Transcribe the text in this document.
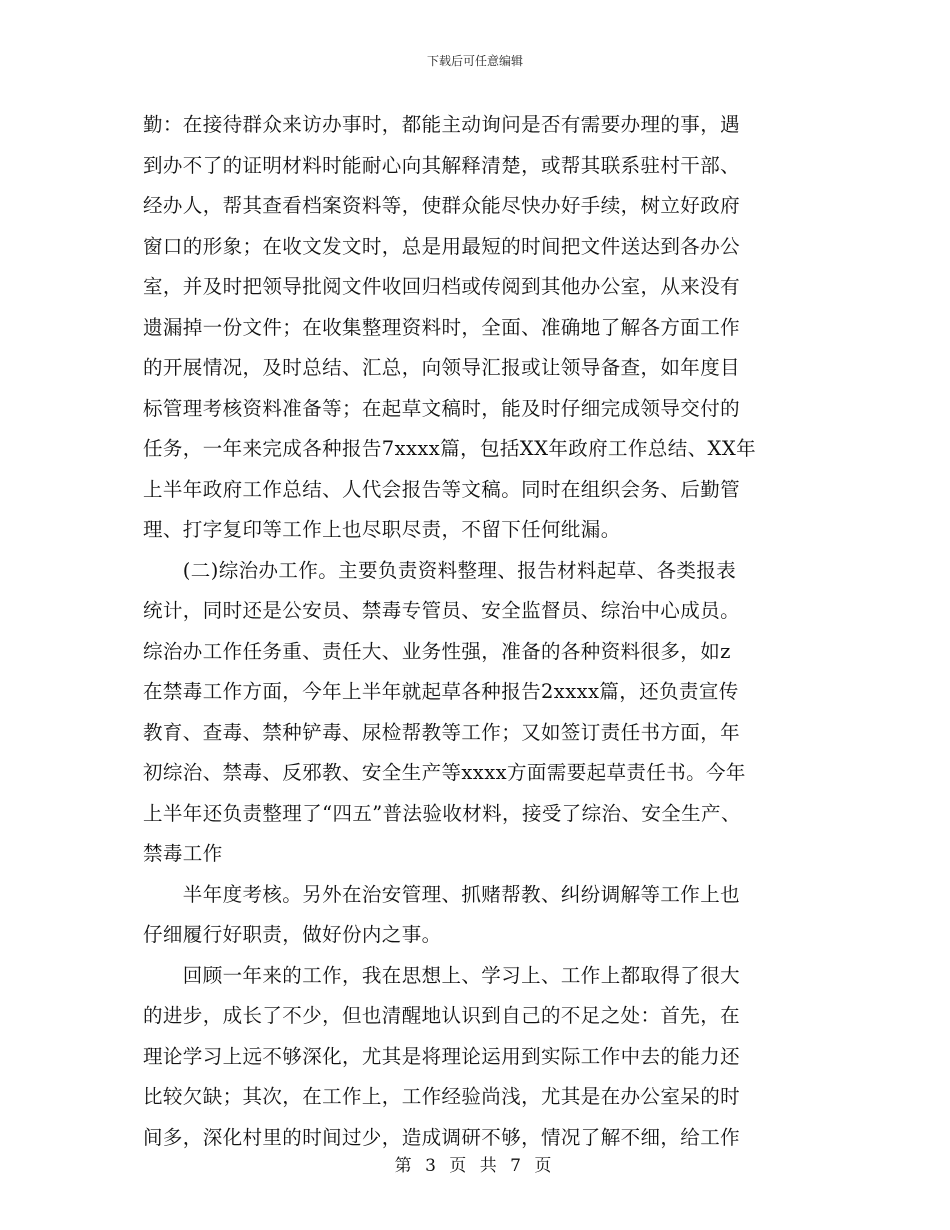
下载后可任意编辑
勤：在接待群众来访办事时，都能主动询问是否有需要办理的事，遇
到办不了的证明材料时能耐心向其解释清楚，或帮其联系驻村干部、
经办人，帮其查看档案资料等，使群众能尽快办好手续，树立好政府
窗口的形象；在收文发文时，总是用最短的时间把文件送达到各办公
室，并及时把领导批阅文件收回归档或传阅到其他办公室，从来没有
遗漏掉一份文件；在收集整理资料时，全面、准确地了解各方面工作
的开展情况，及时总结、汇总，向领导汇报或让领导备查，如年度目
标管理考核资料准备等；在起草文稿时，能及时仔细完成领导交付的
任务，一年来完成各种报告7xxxx篇，包括XX年政府工作总结、XX年
上半年政府工作总结、人代会报告等文稿。同时在组织会务、后勤管
理、打字复印等工作上也尽职尽责，不留下任何纰漏。
　　(二)综治办工作。主要负责资料整理、报告材料起草、各类报表
统计，同时还是公安员、禁毒专管员、安全监督员、综治中心成员。
综治办工作任务重、责任大、业务性强，准备的各种资料很多，如z
在禁毒工作方面，今年上半年就起草各种报告2xxxx篇，还负责宣传
教育、查毒、禁种铲毒、尿检帮教等工作；又如签订责任书方面，年
初综治、禁毒、反邪教、安全生产等xxxx方面需要起草责任书。今年
上半年还负责整理了“四五”普法验收材料，接受了综治、安全生产、
禁毒工作
　　半年度考核。另外在治安管理、抓赌帮教、纠纷调解等工作上也
仔细履行好职责，做好份内之事。
　　回顾一年来的工作，我在思想上、学习上、工作上都取得了很大
的进步，成长了不少，但也清醒地认识到自己的不足之处：首先，在
理论学习上远不够深化，尤其是将理论运用到实际工作中去的能力还
比较欠缺；其次，在工作上，工作经验尚浅，尤其是在办公室呆的时
间多，深化村里的时间过少，造成调研不够，情况了解不细，给工作
第 3 页 共 7 页
